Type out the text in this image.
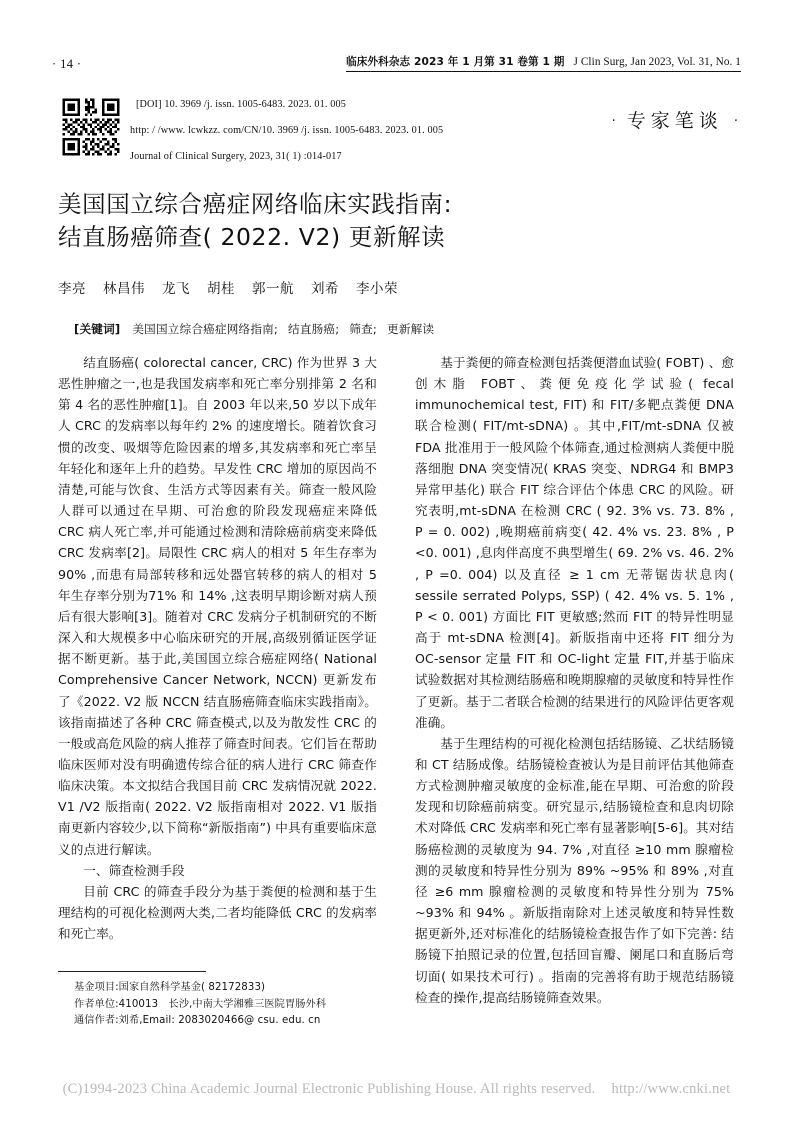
· 14 ·	临床外科杂志 2023 年 1 月第 31 卷第 1 期 J Clin Surg, Jan 2023, Vol. 31, No. 1
[DOI] 10. 3969 /j. issn. 1005-6483. 2023. 01. 005
http: / /www. lcwkzz. com/CN/10. 3969 /j. issn. 1005-6483. 2023. 01. 005
Journal of Clinical Surgery, 2023, 31( 1) :014-017
· 专家笔谈 ·
美国国立综合癌症网络临床实践指南:
结直肠癌筛查( 2022. V2) 更新解读
李亮 林昌伟 龙飞 胡桂 郭一航 刘希 李小荣
[关键词] 美国国立综合癌症网络指南; 结直肠癌; 筛查; 更新解读

结直肠癌( colorectal cancer, CRC) 作为世界 3 大恶性肿瘤之一,也是我国发病率和死亡率分别排第 2 名和第 4 名的恶性肿瘤[1]。自 2003 年以来,50 岁以下成年人 CRC 的发病率以每年约 2% 的速度增长。随着饮食习惯的改变、吸烟等危险因素的增多,其发病率和死亡率呈年轻化和逐年上升的趋势。早发性 CRC 增加的原因尚不清楚,可能与饮食、生活方式等因素有关。筛查一般风险人群可以通过在早期、可治愈的阶段发现癌症来降低 CRC 病人死亡率,并可能通过检测和清除癌前病变来降低 CRC 发病率[2]。局限性 CRC 病人的相对 5 年生存率为90% ,而患有局部转移和远处器官转移的病人的相对 5 年生存率分别为71% 和 14% ,这表明早期诊断对病人预后有很大影响[3]。随着对 CRC 发病分子机制研究的不断深入和大规模多中心临床研究的开展,高级别循证医学证据不断更新。基于此,美国国立综合癌症网络( National Comprehensive Cancer Network, NCCN) 更新发布了《2022. V2 版 NCCN 结直肠癌筛查临床实践指南》。该指南描述了各种 CRC 筛查模式,以及为散发性 CRC 的一般或高危风险的病人推荐了筛查时间表。它们旨在帮助临床医师对没有明确遗传综合征的病人进行 CRC 筛查作临床决策。本文拟结合我国目前 CRC 发病情况就 2022. V1 /V2 版指南( 2022. V2 版指南相对 2022. V1 版指南更新内容较少,以下简称“新版指南”) 中具有重要临床意义的点进行解读。

一、筛查检测手段

目前 CRC 的筛查手段分为基于粪便的检测和基于生理结构的可视化检测两大类,二者均能降低 CRC 的发病率和死亡率。

基于粪便的筛查检测包括粪便潜血试验( FOBT) 、愈创木脂 FOBT、粪便免疫化学试验( fecal immunochemical test, FIT) 和 FIT/多靶点粪便 DNA 联合检测( FIT/mt-sDNA) 。其中,FIT/mt-sDNA 仅被 FDA 批准用于一般风险个体筛查,通过检测病人粪便中脱落细胞 DNA 突变情况( KRAS 突变、NDRG4 和 BMP3 异常甲基化) 联合 FIT 综合评估个体患 CRC 的风险。研究表明,mt-sDNA 在检测 CRC ( 92. 3% vs. 73. 8% , P = 0. 002) ,晚期癌前病变( 42. 4% vs. 23. 8% , P <0. 001) ,息肉伴高度不典型增生( 69. 2% vs. 46. 2% , P =0. 004) 以及直径 ≥ 1 cm 无蒂锯齿状息肉( sessile serrated Polyps, SSP) ( 42. 4% vs. 5. 1% , P < 0. 001) 方面比 FIT 更敏感;然而 FIT 的特异性明显高于 mt-sDNA 检测[4]。新版指南中还将 FIT 细分为 OC-sensor 定量 FIT 和 OC-light 定量 FIT,并基于临床试验数据对其检测结肠癌和晚期腺瘤的灵敏度和特异性作了更新。基于二者联合检测的结果进行的风险评估更客观准确。

基于生理结构的可视化检测包括结肠镜、乙状结肠镜和 CT 结肠成像。结肠镜检查被认为是目前评估其他筛查方式检测肿瘤灵敏度的金标准,能在早期、可治愈的阶段发现和切除癌前病变。研究显示,结肠镜检查和息肉切除术对降低 CRC 发病率和死亡率有显著影响[5-6]。其对结肠癌检测的灵敏度为 94. 7% ,对直径 ≥10 mm 腺瘤检测的灵敏度和特异性分别为 89% ~95% 和 89% ,对直径 ≥6 mm 腺瘤检测的灵敏度和特异性分别为 75% ~93% 和 94% 。新版指南除对上述灵敏度和特异性数据更新外,还对标准化的结肠镜检查报告作了如下完善: 结肠镜下拍照记录的位置,包括回盲瓣、阑尾口和直肠后弯切面( 如果技术可行) 。指南的完善将有助于规范结肠镜检查的操作,提高结肠镜筛查效果。

基金项目:国家自然科学基金( 82172833)
作者单位:410013　长沙,中南大学湘雅三医院胃肠外科
通信作者:刘希,Email: 2083020466@ csu. edu. cn
(C)1994-2023 China Academic Journal Electronic Publishing House. All rights reserved. http://www.cnki.net
